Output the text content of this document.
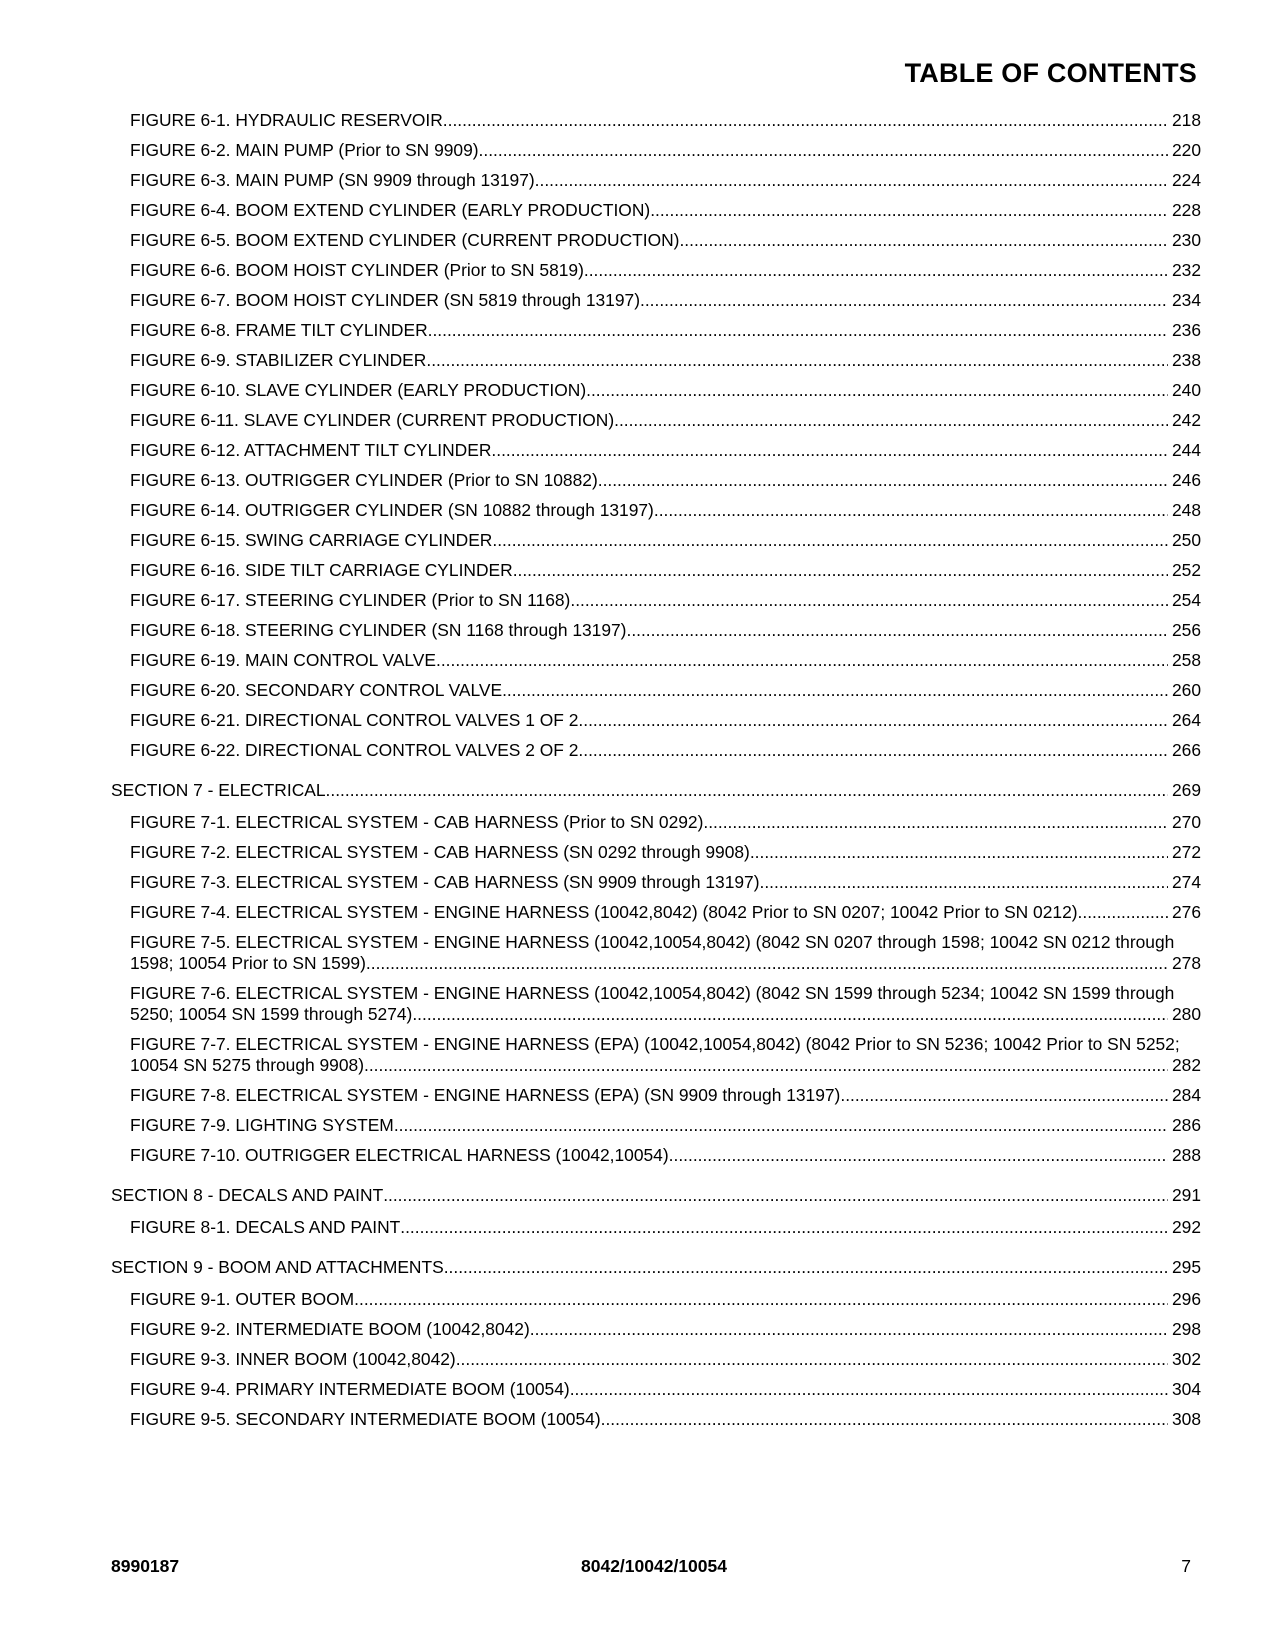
TABLE OF CONTENTS
FIGURE 6-1. HYDRAULIC RESERVOIR .....	218
FIGURE 6-2. MAIN PUMP (Prior to SN 9909) .....	220
FIGURE 6-3. MAIN PUMP (SN 9909 through 13197) .....	224
FIGURE 6-4. BOOM EXTEND CYLINDER (EARLY PRODUCTION) .....	228
FIGURE 6-5. BOOM EXTEND CYLINDER (CURRENT PRODUCTION) .....	230
FIGURE 6-6. BOOM HOIST CYLINDER (Prior to SN 5819) .....	232
FIGURE 6-7. BOOM HOIST CYLINDER (SN 5819 through 13197) .....	234
FIGURE 6-8. FRAME TILT CYLINDER .....	236
FIGURE 6-9. STABILIZER CYLINDER .....	238
FIGURE 6-10. SLAVE CYLINDER (EARLY PRODUCTION) .....	240
FIGURE 6-11. SLAVE CYLINDER (CURRENT PRODUCTION) .....	242
FIGURE 6-12. ATTACHMENT TILT CYLINDER .....	244
FIGURE 6-13. OUTRIGGER CYLINDER (Prior to SN 10882) .....	246
FIGURE 6-14. OUTRIGGER CYLINDER (SN 10882 through 13197) .....	248
FIGURE 6-15. SWING CARRIAGE CYLINDER .....	250
FIGURE 6-16. SIDE TILT CARRIAGE CYLINDER .....	252
FIGURE 6-17. STEERING CYLINDER (Prior to SN 1168) .....	254
FIGURE 6-18. STEERING CYLINDER (SN 1168 through 13197) .....	256
FIGURE 6-19. MAIN CONTROL VALVE .....	258
FIGURE 6-20. SECONDARY CONTROL VALVE .....	260
FIGURE 6-21. DIRECTIONAL CONTROL VALVES 1 OF 2 .....	264
FIGURE 6-22. DIRECTIONAL CONTROL VALVES 2 OF 2 .....	266
SECTION 7 - ELECTRICAL .....	269
FIGURE 7-1. ELECTRICAL SYSTEM - CAB HARNESS (Prior to SN 0292) .....	270
FIGURE 7-2. ELECTRICAL SYSTEM - CAB HARNESS (SN 0292 through 9908) .....	272
FIGURE 7-3. ELECTRICAL SYSTEM - CAB HARNESS (SN 9909 through 13197) .....	274
FIGURE 7-4. ELECTRICAL SYSTEM - ENGINE HARNESS (10042,8042) (8042 Prior to SN 0207; 10042 Prior to SN 0212) .....	276
FIGURE 7-5. ELECTRICAL SYSTEM - ENGINE HARNESS (10042,10054,8042) (8042 SN 0207 through 1598; 10042 SN 0212 through 1598; 10054 Prior to SN 1599) .....	278
FIGURE 7-6. ELECTRICAL SYSTEM - ENGINE HARNESS (10042,10054,8042) (8042 SN 1599 through 5234; 10042 SN 1599 through 5250; 10054 SN 1599 through 5274) .....	280
FIGURE 7-7. ELECTRICAL SYSTEM - ENGINE HARNESS (EPA) (10042,10054,8042) (8042 Prior to SN 5236; 10042 Prior to SN 5252; 10054 SN 5275 through 9908) .....	282
FIGURE 7-8. ELECTRICAL SYSTEM - ENGINE HARNESS (EPA) (SN 9909 through 13197) .....	284
FIGURE 7-9. LIGHTING SYSTEM .....	286
FIGURE 7-10. OUTRIGGER ELECTRICAL HARNESS (10042,10054) .....	288
SECTION 8 - DECALS AND PAINT .....	291
FIGURE 8-1. DECALS AND PAINT .....	292
SECTION 9 - BOOM AND ATTACHMENTS .....	295
FIGURE 9-1. OUTER BOOM .....	296
FIGURE 9-2. INTERMEDIATE BOOM (10042,8042) .....	298
FIGURE 9-3. INNER BOOM (10042,8042) .....	302
FIGURE 9-4. PRIMARY INTERMEDIATE BOOM (10054) .....	304
FIGURE 9-5. SECONDARY INTERMEDIATE BOOM (10054) .....	308
8990187	8042/10042/10054	7
